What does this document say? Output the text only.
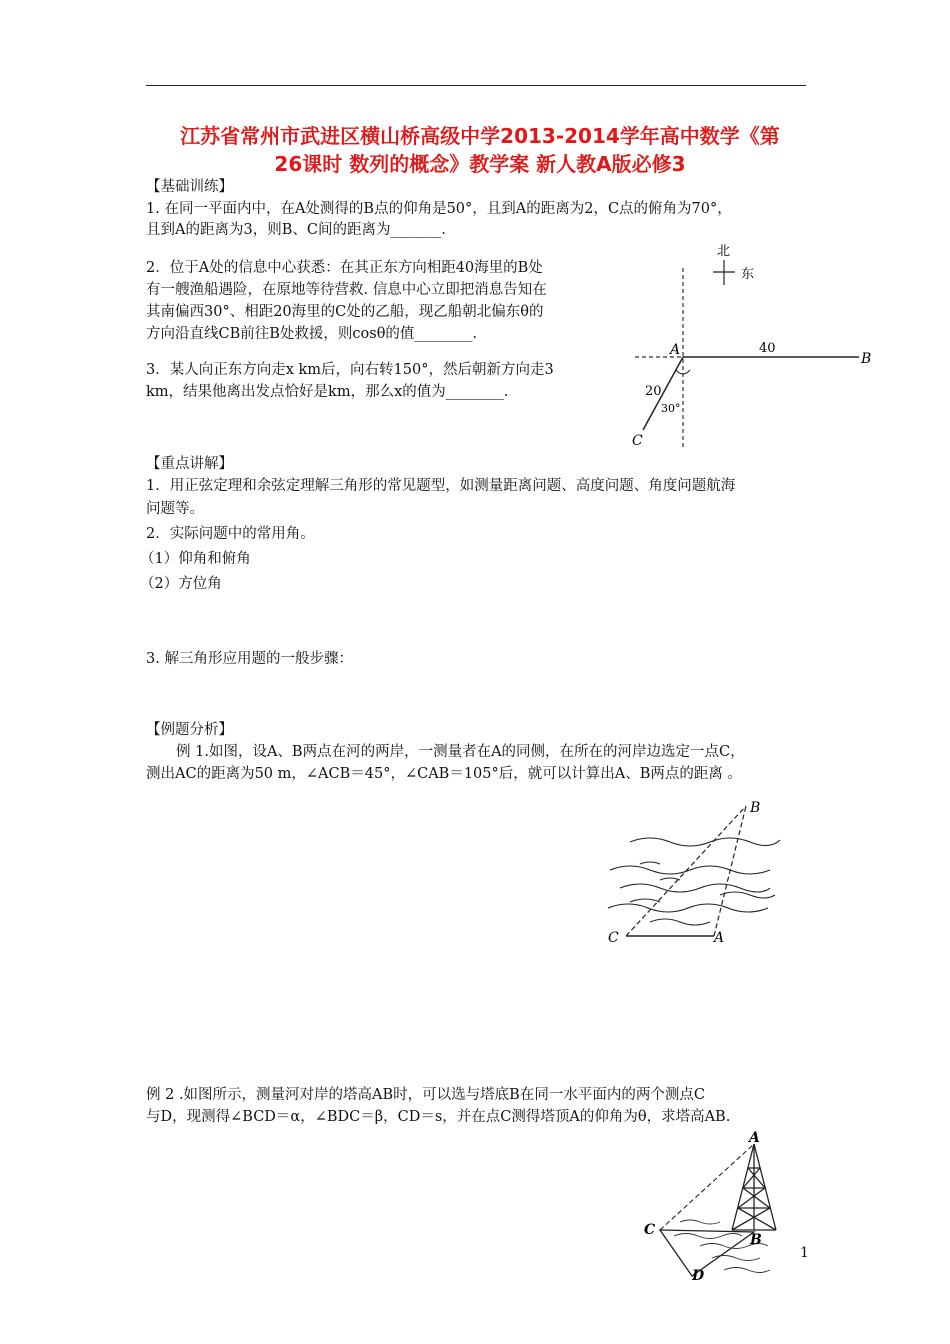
江苏省常州市武进区横山桥高级中学2013-2014学年高中数学《第
26课时 数列的概念》教学案 新人教A版必修3
【基础训练】
1. 在同一平面内中，在A处测得的B点的仰角是50°，且到A的距离为2，C点的俯角为70°，
且到A的距离为3，则B、C间的距离为_______.
2．位于A处的信息中心获悉：在其正东方向相距40海里的B处
有一艘渔船遇险，在原地等待营救. 信息中心立即把消息告知在
其南偏西30°、相距20海里的C处的乙船，现乙船朝北偏东θ的
方向沿直线CB前往B处救援，则cosθ的值________.
3．某人向正东方向走x km后，向右转150°，然后朝新方向走3
km，结果他离出发点恰好是km，那么x的值为________.
北
东
A
B
C
40
20
30°
【重点讲解】
1．用正弦定理和余弦定理解三角形的常见题型，如测量距离问题、高度问题、角度问题航海
问题等。
2．实际问题中的常用角。
（1）仰角和俯角
（2）方位角
3. 解三角形应用题的一般步骤：
【例题分析】
例 1.如图，设A、B两点在河的两岸，一测量者在A的同侧，在所在的河岸边选定一点C，
测出AC的距离为50 m，∠ACB＝45°，∠CAB＝105°后，就可以计算出A、B两点的距离 。
B
C	A
例 2 .如图所示，测量河对岸的塔高AB时，可以选与塔底B在同一水平面内的两个测点C
与D，现测得∠BCD＝α，∠BDC＝β，CD＝s，并在点C测得塔顶A的仰角为θ，求塔高AB.
A
B
C
D
1
